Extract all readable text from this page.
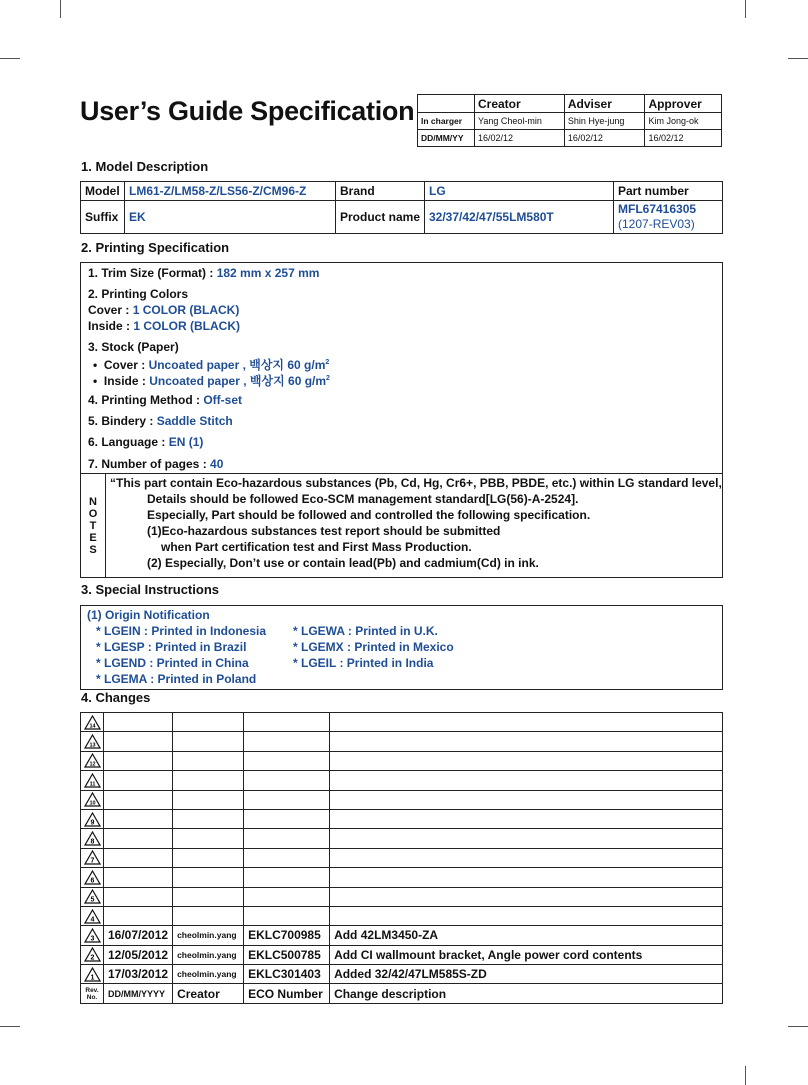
User’s Guide Specification
		Creator	Adviser	Approver
In charger	Yang Cheol-min	Shin Hye-jung	Kim Jong-ok
DD/MM/YY	16/02/12	16/02/12	16/02/12
1. Model Description
Model	LM61-Z/LM58-Z/LS56-Z/CM96-Z	Brand	LG	Part number
Suffix	EK	Product name	32/37/42/47/55LM580T	MFL67416305
(1207-REV03)
2. Printing Specification
1. Trim Size (Format) : 182 mm x 257 mm
2. Printing Colors
Cover : 1 COLOR (BLACK)
Inside : 1 COLOR (BLACK)
3. Stock (Paper)
•  Cover : Uncoated paper , 백상지 60 $g/m^2$
•  Inside : Uncoated paper , 백상지 60 $g/m^2$
4. Printing Method : Off-set
5. Bindery : Saddle Stitch
6. Language : EN (1)
7. Number of pages : 40
N
O
T
E
S
“This part contain Eco-hazardous substances (Pb, Cd, Hg, Cr6+, PBB, PBDE, etc.) within LG standard level,
Details should be followed Eco-SCM management standard[LG(56)-A-2524].
Especially, Part should be followed and controlled the following specification.
(1)Eco-hazardous substances test report should be submitted
when Part certification test and First Mass Production.
(2) Especially, Don’t use or contain lead(Pb) and cadmium(Cd) in ink.
3. Special Instructions
(1) Origin Notification
* LGEIN : Printed in Indonesia
* LGESP : Printed in Brazil
* LGEND : Printed in China
* LGEMA : Printed in Poland
* LGEWA : Printed in U.K.
* LGEMX : Printed in Mexico
* LGEIL : Printed in India
4. Changes
14				

13				

12				

11				

10				

9				

8				

7				

6				

5				

4				

3	16/07/2012	cheolmin.yang	EKLC700985	Add 42LM3450-ZA

2	12/05/2012	cheolmin.yang	EKLC500785	Add CI wallmount bracket, Angle power cord contents

1	17/03/2012	cheolmin.yang	EKLC301403	Added 32/42/47LM585S-ZD

Rev.
No.	DD/MM/YYYY	Creator	ECO Number	Change description
